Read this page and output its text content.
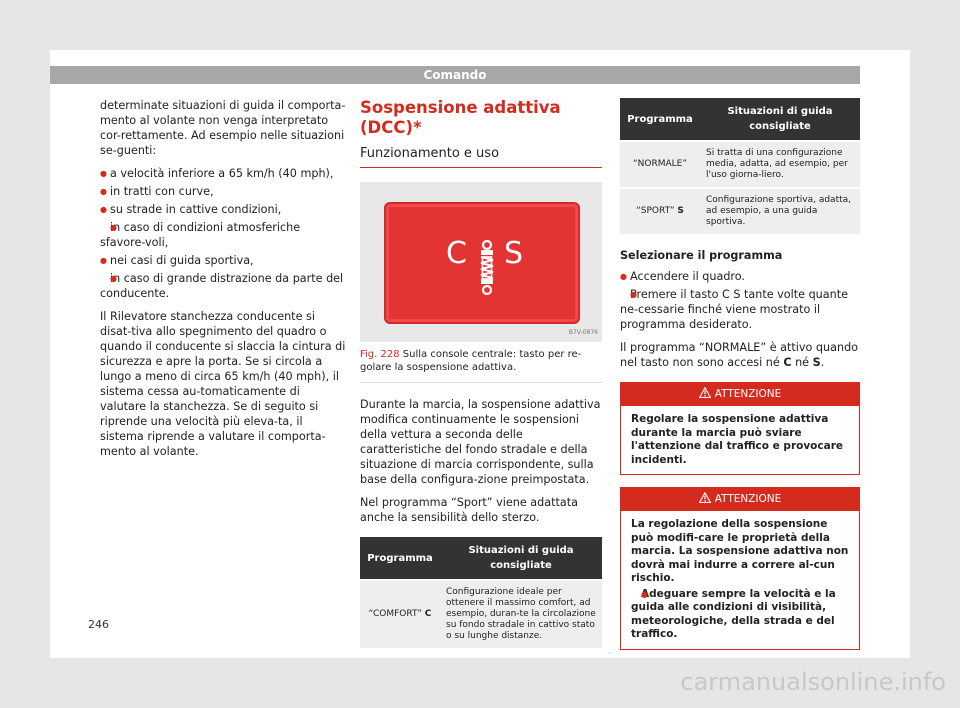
Comando

determinate situazioni di guida il comporta-mento al volante non venga interpretato cor-rettamente. Ad esempio nelle situazioni se-guenti:

● a velocità inferiore a 65 km/h (40 mph),
● in tratti con curve,
● su strade in cattive condizioni,
● in caso di condizioni atmosferiche sfavore-voli,
● nei casi di guida sportiva,
● in caso di grande distrazione da parte del conducente.

Il Rilevatore stanchezza conducente si disat-tiva allo spegnimento del quadro o quando il conducente si slaccia la cintura di sicurezza e apre la porta. Se si circola a lungo a meno di circa 65 km/h (40 mph), il sistema cessa au-tomaticamente di valutare la stanchezza. Se di seguito si riprende una velocità più eleva-ta, il sistema riprende a valutare il comporta-mento al volante.

Sospensione adattiva (DCC)*
Funzionamento e uso
C S
B7V-0876
Fig. 228 Sulla console centrale: tasto per re-golare la sospensione adattiva.

Durante la marcia, la sospensione adattiva modifica continuamente le sospensioni della vettura a seconda delle caratteristiche del fondo stradale e della situazione di marcia corrispondente, sulla base della configura-zione preimpostata.

Nel programma “Sport” viene adattata anche la sensibilità dello sterzo.

Programma	Situazioni di guida consigliate
“COMFORT” C	Configurazione ideale per ottenere il massimo comfort, ad esempio, duran-te la circolazione su fondo stradale in cattivo stato o su lunghe distanze.
Programma	Situazioni di guida consigliate
“NORMALE”	Si tratta di una configurazione media, adatta, ad esempio, per l'uso giorna-liero.
“SPORT” S	Configurazione sportiva, adatta, ad esempio, a una guida sportiva.
Selezionare il programma
● Accendere il quadro.
● Premere il tasto C S tante volte quante ne-cessarie finché viene mostrato il programma desiderato.

Il programma “NORMALE” è attivo quando nel tasto non sono accesi né C né S.

ATTENZIONE
Regolare la sospensione adattiva durante la marcia può sviare l'attenzione dal traffico e provocare incidenti.
ATTENZIONE
La regolazione della sospensione può modifi-care le proprietà della marcia. La sospensione adattiva non dovrà mai indurre a correre al-cun rischio.
● Adeguare sempre la velocità e la guida alle condizioni di visibilità, meteorologiche, della strada e del traffico.
246
carmanualsonline.info
